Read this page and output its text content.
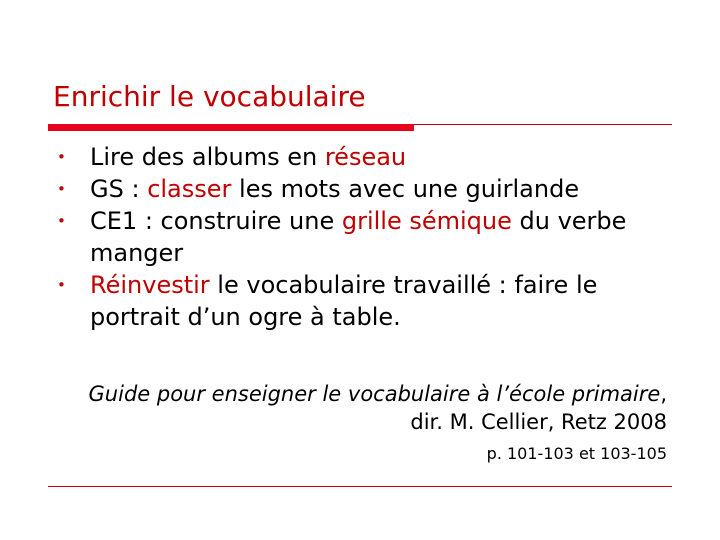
Enrichir le vocabulaire
• Lire des albums en réseau
• GS : classer les mots avec une guirlande
• CE1 : construire une grille sémique du verbe manger
• Réinvestir le vocabulaire travaillé : faire le portrait d’un ogre à table.
Guide pour enseigner le vocabulaire à l’école primaire, dir. M. Cellier, Retz 2008
p. 101-103 et 103-105
